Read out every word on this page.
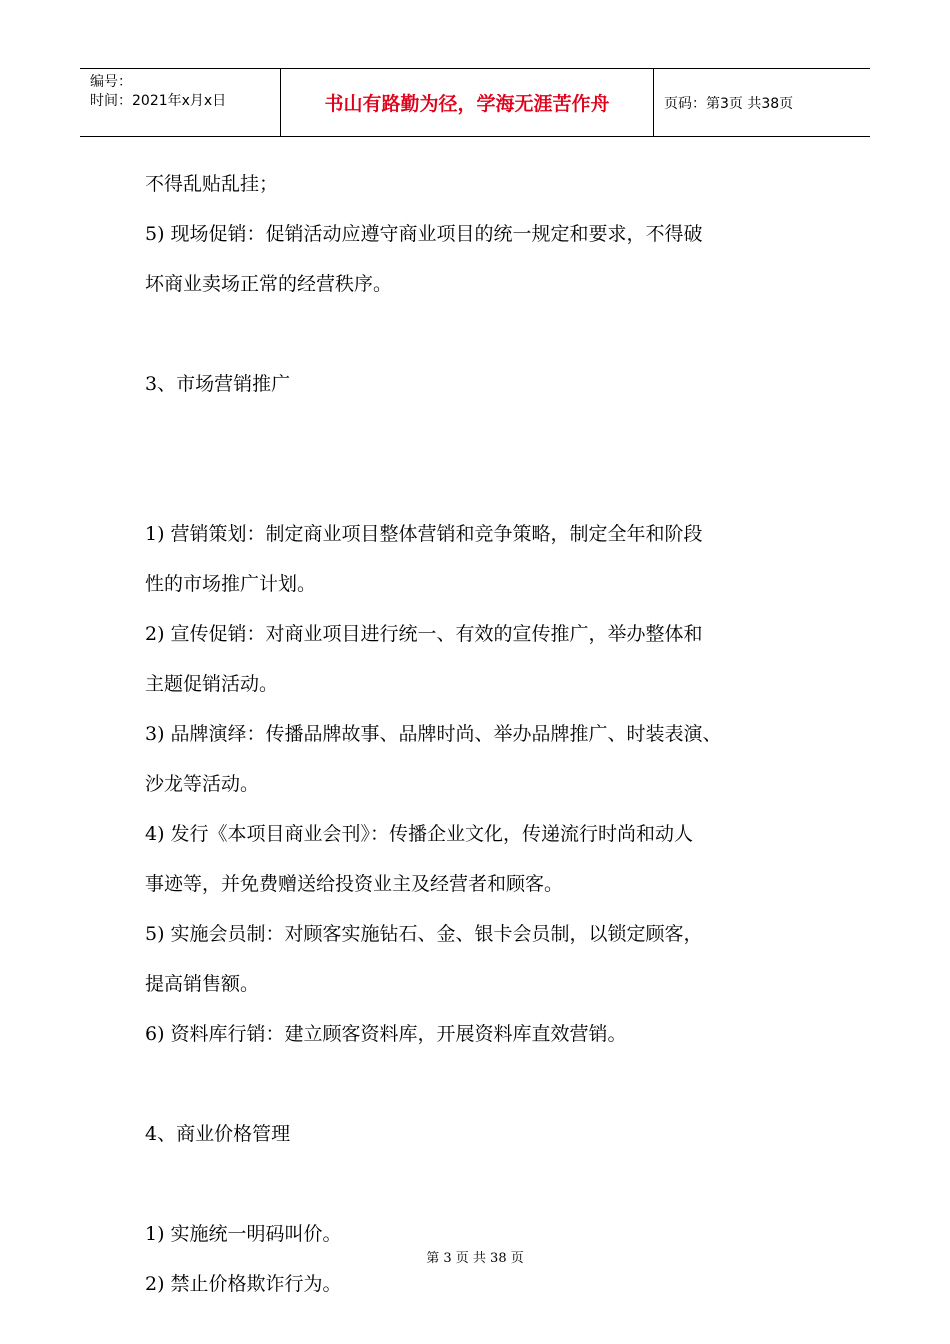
编号：
时间：2021年x月x日	书山有路勤为径，学海无涯苦作舟	页码：第3页 共38页
不得乱贴乱挂；
5) 现场促销：促销活动应遵守商业项目的统一规定和要求，不得破
坏商业卖场正常的经营秩序。
3、市场营销推广
1) 营销策划：制定商业项目整体营销和竞争策略，制定全年和阶段
性的市场推广计划。
2) 宣传促销：对商业项目进行统一、有效的宣传推广，举办整体和
主题促销活动。
3) 品牌演绎：传播品牌故事、品牌时尚、举办品牌推广、时装表演、
沙龙等活动。
4) 发行《本项目商业会刊》：传播企业文化，传递流行时尚和动人
事迹等，并免费赠送给投资业主及经营者和顾客。
5) 实施会员制：对顾客实施钻石、金、银卡会员制，以锁定顾客，
提高销售额。
6) 资料库行销：建立顾客资料库，开展资料库直效营销。
4、商业价格管理
1) 实施统一明码叫价。
2) 禁止价格欺诈行为。
第 3 页 共 38 页
